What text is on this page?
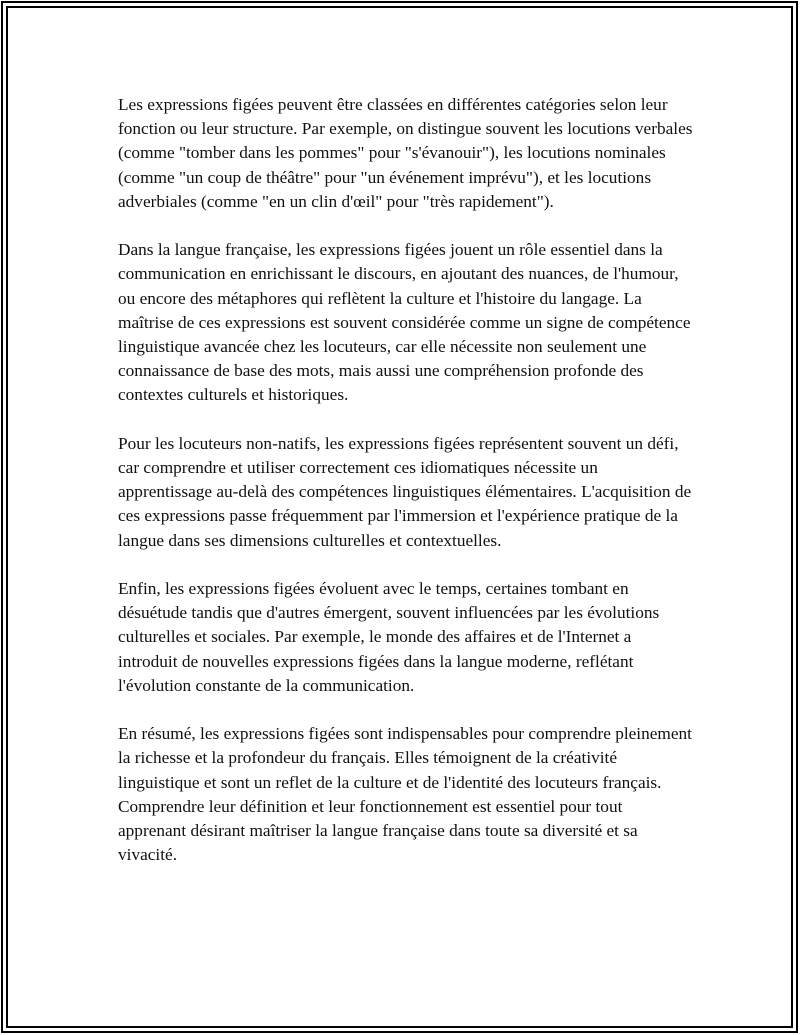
Les expressions figées peuvent être classées en différentes catégories selon leur fonction ou leur structure. Par exemple, on distingue souvent les locutions verbales (comme "tomber dans les pommes" pour "s'évanouir"), les locutions nominales (comme "un coup de théâtre" pour "un événement imprévu"), et les locutions adverbiales (comme "en un clin d'œil" pour "très rapidement").

Dans la langue française, les expressions figées jouent un rôle essentiel dans la communication en enrichissant le discours, en ajoutant des nuances, de l'humour, ou encore des métaphores qui reflètent la culture et l'histoire du langage. La maîtrise de ces expressions est souvent considérée comme un signe de compétence linguistique avancée chez les locuteurs, car elle nécessite non seulement une connaissance de base des mots, mais aussi une compréhension profonde des contextes culturels et historiques.

Pour les locuteurs non-natifs, les expressions figées représentent souvent un défi, car comprendre et utiliser correctement ces idiomatiques nécessite un apprentissage au-delà des compétences linguistiques élémentaires. L'acquisition de ces expressions passe fréquemment par l'immersion et l'expérience pratique de la langue dans ses dimensions culturelles et contextuelles.

Enfin, les expressions figées évoluent avec le temps, certaines tombant en désuétude tandis que d'autres émergent, souvent influencées par les évolutions culturelles et sociales. Par exemple, le monde des affaires et de l'Internet a introduit de nouvelles expressions figées dans la langue moderne, reflétant l'évolution constante de la communication.

En résumé, les expressions figées sont indispensables pour comprendre pleinement la richesse et la profondeur du français. Elles témoignent de la créativité linguistique et sont un reflet de la culture et de l'identité des locuteurs français. Comprendre leur définition et leur fonctionnement est essentiel pour tout apprenant désirant maîtriser la langue française dans toute sa diversité et sa vivacité.
